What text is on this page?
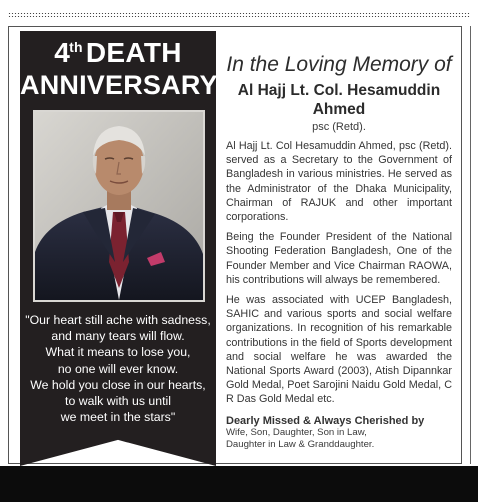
4th DEATH
ANNIVERSARY
"Our heart still ache with sadness,
and many tears will flow.
What it means to lose you,
no one will ever know.
We hold you close in our hearts,
to walk with us until
we meet in the stars"
In the Loving Memory of
Al Hajj Lt. Col. Hesamuddin Ahmed
psc (Retd).

Al Hajj Lt. Col Hesamuddin Ahmed, psc (Retd). served as a Secretary to the Government of Bangladesh in various ministries. He served as the Administrator of the Dhaka Municipality, Chairman of RAJUK and other important corporations.

Being the Founder President of the National Shooting Federation Bangladesh, One of the Founder Member and Vice Chairman RAOWA, his contributions will always be remembered.

He was associated with UCEP Bangladesh, SAHIC and various sports and social welfare organizations. In recognition of his remarkable contributions in the field of Sports development and social welfare he was awarded the National Sports Award (2003), Atish Dipannkar Gold Medal, Poet Sarojini Naidu Gold Medal, C R Das Gold Medal etc.

Dearly Missed & Always Cherished by
Wife, Son, Daughter, Son in Law,
Daughter in Law & Granddaughter.
